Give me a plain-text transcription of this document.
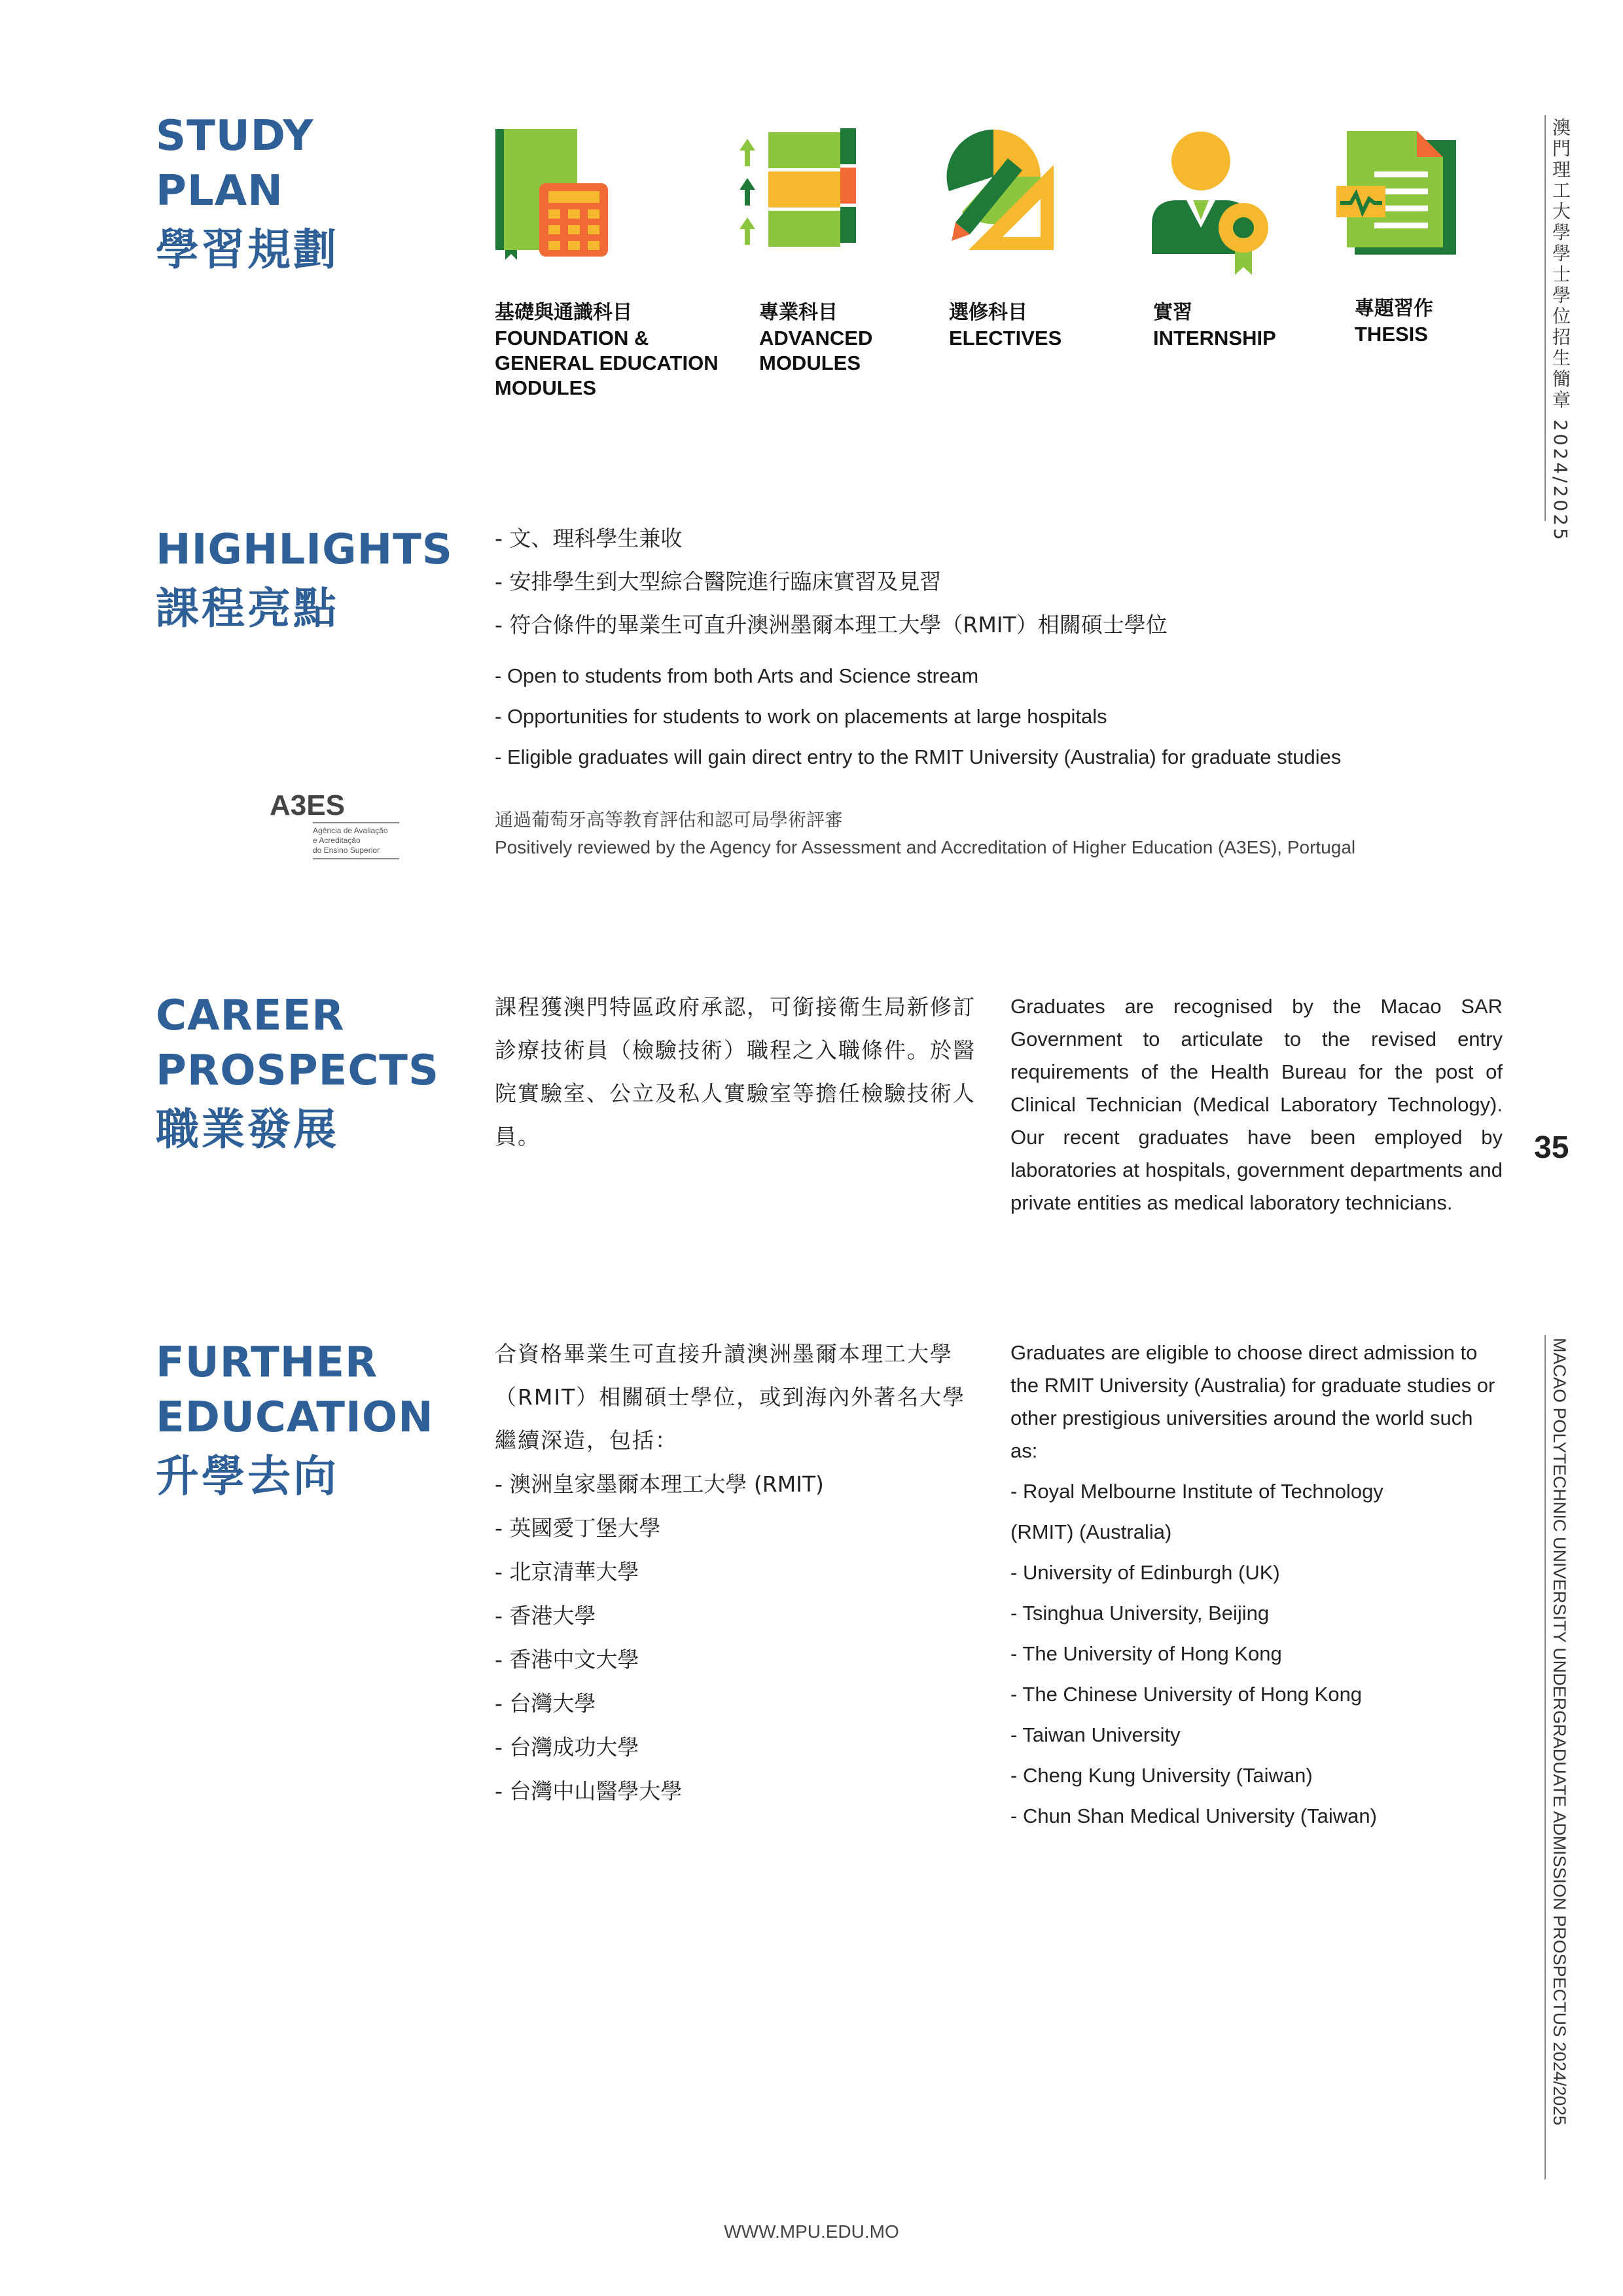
STUDY
PLAN
學習規劃
基礎與通識科目
FOUNDATION & GENERAL EDUCATION MODULES
專業科目
ADVANCED MODULES
選修科目
ELECTIVES
實習
INTERNSHIP
專題習作
THESIS
HIGHLIGHTS
課程亮點
- 文、理科學生兼收
- 安排學生到大型綜合醫院進行臨床實習及見習
- 符合條件的畢業生可直升澳洲墨爾本理工大學（RMIT）相關碩士學位
- Open to students from both Arts and Science stream
- Opportunities for students to work on placements at large hospitals
- Eligible graduates will gain direct entry to the RMIT University (Australia) for graduate studies
A3ES
Agência de Avaliação
e Acreditação
do Ensino Superior
通過葡萄牙高等教育評估和認可局學術評審
Positively reviewed by the Agency for Assessment and Accreditation of Higher Education (A3ES), Portugal
CAREER
PROSPECTS
職業發展
課程獲澳門特區政府承認，可銜接衛生局新修訂診療技術員（檢驗技術）職程之入職條件。於醫院實驗室、公立及私人實驗室等擔任檢驗技術人員。
Graduates are recognised by the Macao SAR Government to articulate to the revised entry requirements of the Health Bureau for the post of Clinical Technician (Medical Laboratory Technology). Our recent graduates have been employed by laboratories at hospitals, government departments and private entities as medical laboratory technicians.
FURTHER
EDUCATION
升學去向
合資格畢業生可直接升讀澳洲墨爾本理工大學（RMIT）相關碩士學位，或到海內外著名大學繼續深造，包括：
- 澳洲皇家墨爾本理工大學 (RMIT)
- 英國愛丁堡大學
- 北京清華大學
- 香港大學
- 香港中文大學
- 台灣大學
- 台灣成功大學
- 台灣中山醫學大學
Graduates are eligible to choose direct admission to the RMIT University (Australia) for graduate studies or other prestigious universities around the world such as:
- Royal Melbourne Institute of Technology (RMIT) (Australia)
- University of Edinburgh (UK)
- Tsinghua University, Beijing
- The University of Hong Kong
- The Chinese University of Hong Kong
- Taiwan University
- Cheng Kung University (Taiwan)
- Chun Shan Medical University (Taiwan)
澳門理工大學學士學位招生簡章 2024/2025
35
MACAO POLYTECHNIC UNIVERSITY UNDERGRADUATE ADMISSION PROSPECTUS 2024/2025
WWW.MPU.EDU.MO
